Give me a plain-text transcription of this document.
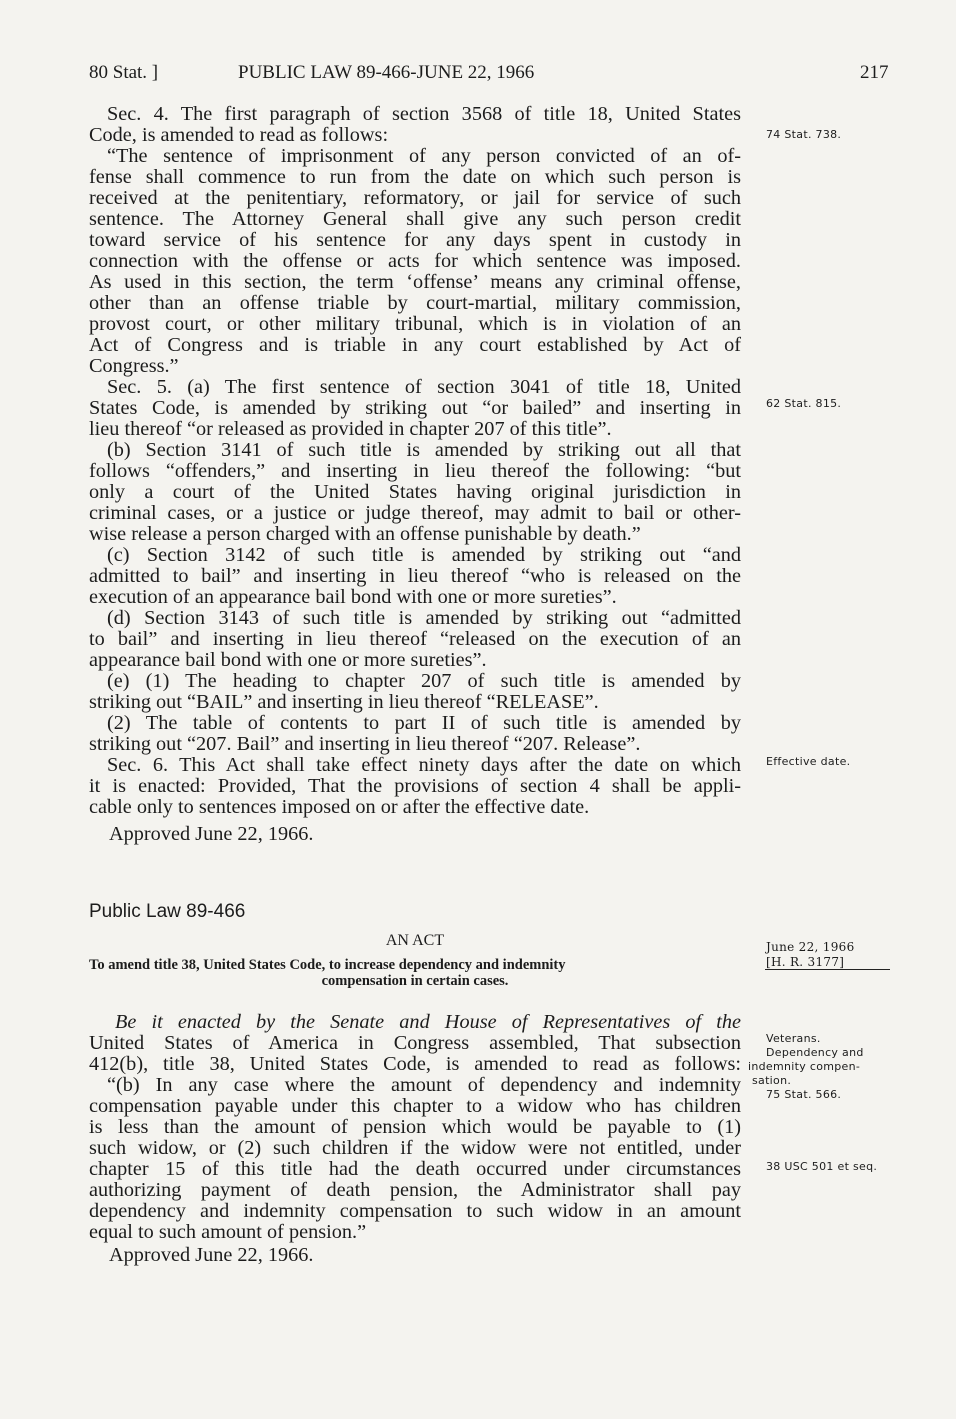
80 Stat. ]	PUBLIC LAW 89-466-JUNE 22, 1966	217
Sec. 4. The first paragraph of section 3568 of title 18, United States
Code, is amended to read as follows:
“The sentence of imprisonment of any person convicted of an of-
fense shall commence to run from the date on which such person is
received at the penitentiary, reformatory, or jail for service of such
sentence. The Attorney General shall give any such person credit
toward service of his sentence for any days spent in custody in
connection with the offense or acts for which sentence was imposed.
As used in this section, the term ‘offense’ means any criminal offense,
other than an offense triable by court-martial, military commission,
provost court, or other military tribunal, which is in violation of an
Act of Congress and is triable in any court established by Act of
Congress.”
Sec. 5. (a) The first sentence of section 3041 of title 18, United
States Code, is amended by striking out “or bailed” and inserting in
lieu thereof “or released as provided in chapter 207 of this title”.
(b) Section 3141 of such title is amended by striking out all that
follows “offenders,” and inserting in lieu thereof the following: “but
only a court of the United States having original jurisdiction in
criminal cases, or a justice or judge thereof, may admit to bail or other-
wise release a person charged with an offense punishable by death.”
(c) Section 3142 of such title is amended by striking out “and
admitted to bail” and inserting in lieu thereof “who is released on the
execution of an appearance bail bond with one or more sureties”.
(d) Section 3143 of such title is amended by striking out “admitted
to bail” and inserting in lieu thereof “released on the execution of an
appearance bail bond with one or more sureties”.
(e) (1) The heading to chapter 207 of such title is amended by
striking out “BAIL” and inserting in lieu thereof “RELEASE”.
(2) The table of contents to part II of such title is amended by
striking out “207. Bail” and inserting in lieu thereof “207. Release”.
Sec. 6. This Act shall take effect ninety days after the date on which
it is enacted: Provided, That the provisions of section 4 shall be appli-
cable only to sentences imposed on or after the effective date.
Approved June 22, 1966.
Public Law 89-466
AN ACT
To amend title 38, United States Code, to increase dependency and indemnity
compensation in certain cases.
Be it enacted by the Senate and House of Representatives of the
United States of America in Congress assembled, That subsection
412(b), title 38, United States Code, is amended to read as follows:
“(b) In any case where the amount of dependency and indemnity
compensation payable under this chapter to a widow who has children
is less than the amount of pension which would be payable to (1)
such widow, or (2) such children if the widow were not entitled, under
chapter 15 of this title had the death occurred under circumstances
authorizing payment of death pension, the Administrator shall pay
dependency and indemnity compensation to such widow in an amount
equal to such amount of pension.”
Approved June 22, 1966.
74 Stat. 738.
62 Stat. 815.
Effective date.
June 22, 1966
[H. R. 3177]
Veterans.
Dependency and
indemnity compen-
sation.
75 Stat. 566.
38 USC 501 et seq.
